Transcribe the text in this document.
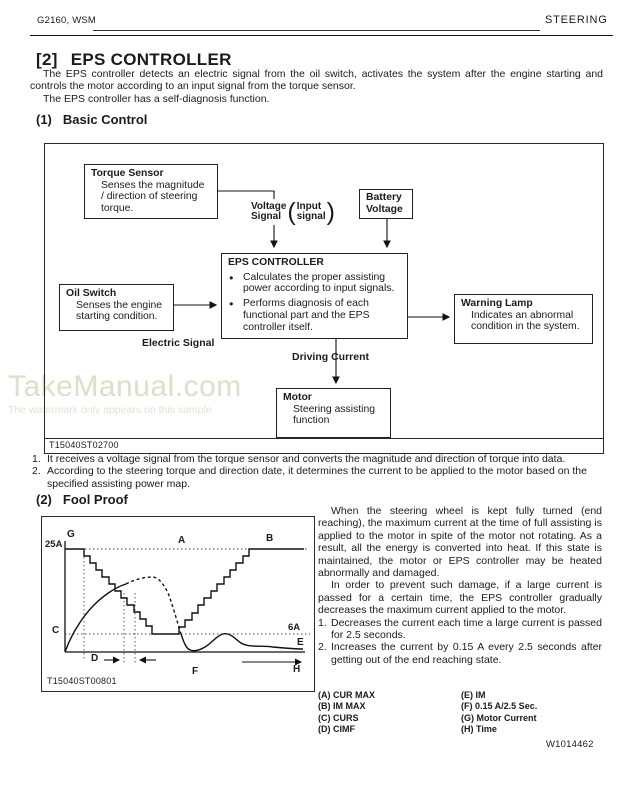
TakeManual.com
The watermark only appears on this sample
G2160, WSM	STEERING
[2] EPS CONTROLLER

The EPS controller detects an electric signal from the oil switch, activates the system after the engine starting and controls the motor according to an input signal from the torque sensor.

The EPS controller has a self-diagnosis function.

(1) Basic Control
Torque Sensor
Senses the magnitude
/ direction of steering
torque.	Voltage
Signal ( Input
signal )
Battery
Voltage
EPS CONTROLLER
● Calculates the proper assisting power according to input signals.
● Performs diagnosis of each functional part and the EPS controller itself.
Oil Switch
Senses the engine
starting condition.
Electric Signal
Warning Lamp
Indicates an abnormal
condition in the system.
Driving Current
Motor
Steering assisting
function
T15040ST02700
1. It receives a voltage signal from the torque sensor and converts the magnitude and direction of torque into data.
2. According to the steering torque and direction date, it determines the current to be applied to the motor based on the specified assisting power map.
(2) Fool Proof
G
25A	A	B
C	6A
E
D
F	H
T15040ST00801

When the steering wheel is kept fully turned (end reaching), the maximum current at the time of full assisting is applied to the motor in spite of the motor not rotating. As a result, all the energy is converted into heat. If this state is maintained, the motor or EPS controller may be heated abnormally and damaged.

In order to prevent such damage, if a large current is passed for a certain time, the EPS controller gradually decreases the maximum current applied to the motor.

1. Decreases the current each time a large current is passed for 2.5 seconds.
2. Increases the current by 0.15 A every 2.5 seconds after getting out of the end reaching state.
(A) CUR MAX	(E) IM
(B) IM MAX	(F) 0.15 A/2.5 Sec.
(C) CURS	(G) Motor Current
(D) CIMF	(H) Time
W1014462
